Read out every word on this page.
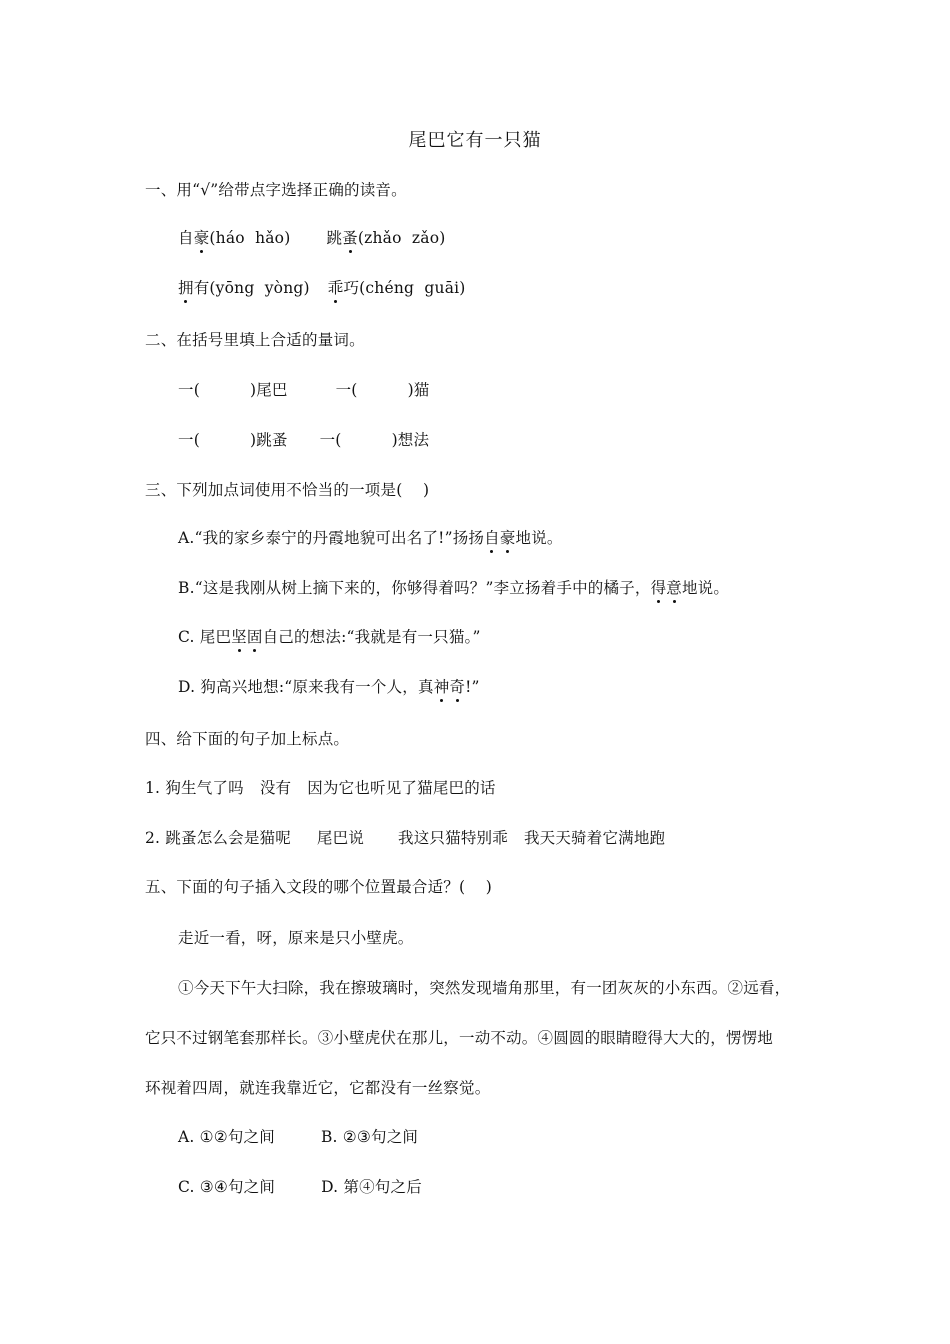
尾巴它有一只猫
一、用“√”给带点字选择正确的读音。
自豪(háo  hǎo) 跳蚤(zhǎo  zǎo)
拥有(yōng  yòng) 乖巧(chéng  guāi)
二、在括号里填上合适的量词。
一(	)尾巴	一(	)猫
一(	)跳蚤 一(	)想法
三、下列加点词使用不恰当的一项是(    )
A.“我的家乡泰宁的丹霞地貌可出名了!”扬扬自豪地说。
B.“这是我刚从树上摘下来的，你够得着吗？”李立扬着手中的橘子，得意地说。
C. 尾巴坚固自己的想法:“我就是有一只猫。”
D. 狗高兴地想:“原来我有一个人，真神奇!”
四、给下面的句子加上标点。
1. 狗生气了吗 没有 因为它也听见了猫尾巴的话
2. 跳蚤怎么会是猫呢 尾巴说 我这只猫特别乖 我天天骑着它满地跑
五、下面的句子插入文段的哪个位置最合适？(    )
走近一看，呀，原来是只小壁虎。
①今天下午大扫除，我在擦玻璃时，突然发现墙角那里，有一团灰灰的小东西。②远看，
它只不过钢笔套那样长。③小壁虎伏在那儿，一动不动。④圆圆的眼睛瞪得大大的，愣愣地
环视着四周，就连我靠近它，它都没有一丝察觉。
A. ①②句之间	B. ②③句之间
C. ③④句之间	D. 第④句之后
